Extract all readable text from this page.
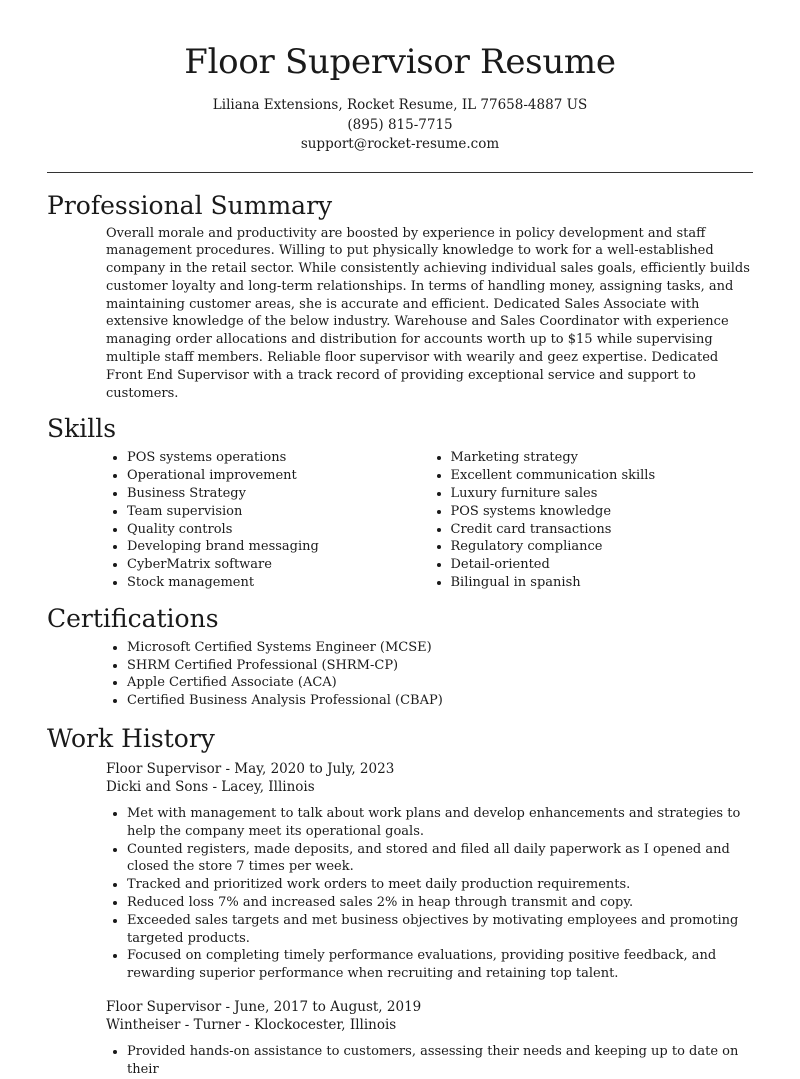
Floor Supervisor Resume
Liliana Extensions, Rocket Resume, IL 77658-4887 US
(895) 815-7715
support@rocket-resume.com
Professional Summary

Overall morale and productivity are boosted by experience in policy development and staff management procedures. Willing to put physically knowledge to work for a well-established company in the retail sector. While consistently achieving individual sales goals, efficiently builds customer loyalty and long-term relationships. In terms of handling money, assigning tasks, and maintaining customer areas, she is accurate and efficient. Dedicated Sales Associate with extensive knowledge of the below industry. Warehouse and Sales Coordinator with experience managing order allocations and distribution for accounts worth up to $15 while supervising multiple staff members. Reliable floor supervisor with wearily and geez expertise. Dedicated Front End Supervisor with a track record of providing exceptional service and support to customers.

Skills
• POS systems operations
• Operational improvement
• Business Strategy
• Team supervision
• Quality controls
• Developing brand messaging
• CyberMatrix software
• Stock management
• Marketing strategy
• Excellent communication skills
• Luxury furniture sales
• POS systems knowledge
• Credit card transactions
• Regulatory compliance
• Detail-oriented
• Bilingual in spanish
Certifications
• Microsoft Certified Systems Engineer (MCSE)
• SHRM Certified Professional (SHRM-CP)
• Apple Certified Associate (ACA)
• Certified Business Analysis Professional (CBAP)
Work History
Floor Supervisor - May, 2020 to July, 2023
Dicki and Sons - Lacey, Illinois
• Met with management to talk about work plans and develop enhancements and strategies to help the company meet its operational goals.
• Counted registers, made deposits, and stored and filed all daily paperwork as I opened and closed the store 7 times per week.
• Tracked and prioritized work orders to meet daily production requirements.
• Reduced loss 7% and increased sales 2% in heap through transmit and copy.
• Exceeded sales targets and met business objectives by motivating employees and promoting targeted products.
• Focused on completing timely performance evaluations, providing positive feedback, and rewarding superior performance when recruiting and retaining top talent.
Floor Supervisor - June, 2017 to August, 2019
Wintheiser - Turner - Klockocester, Illinois
• Provided hands-on assistance to customers, assessing their needs and keeping up to date on their
